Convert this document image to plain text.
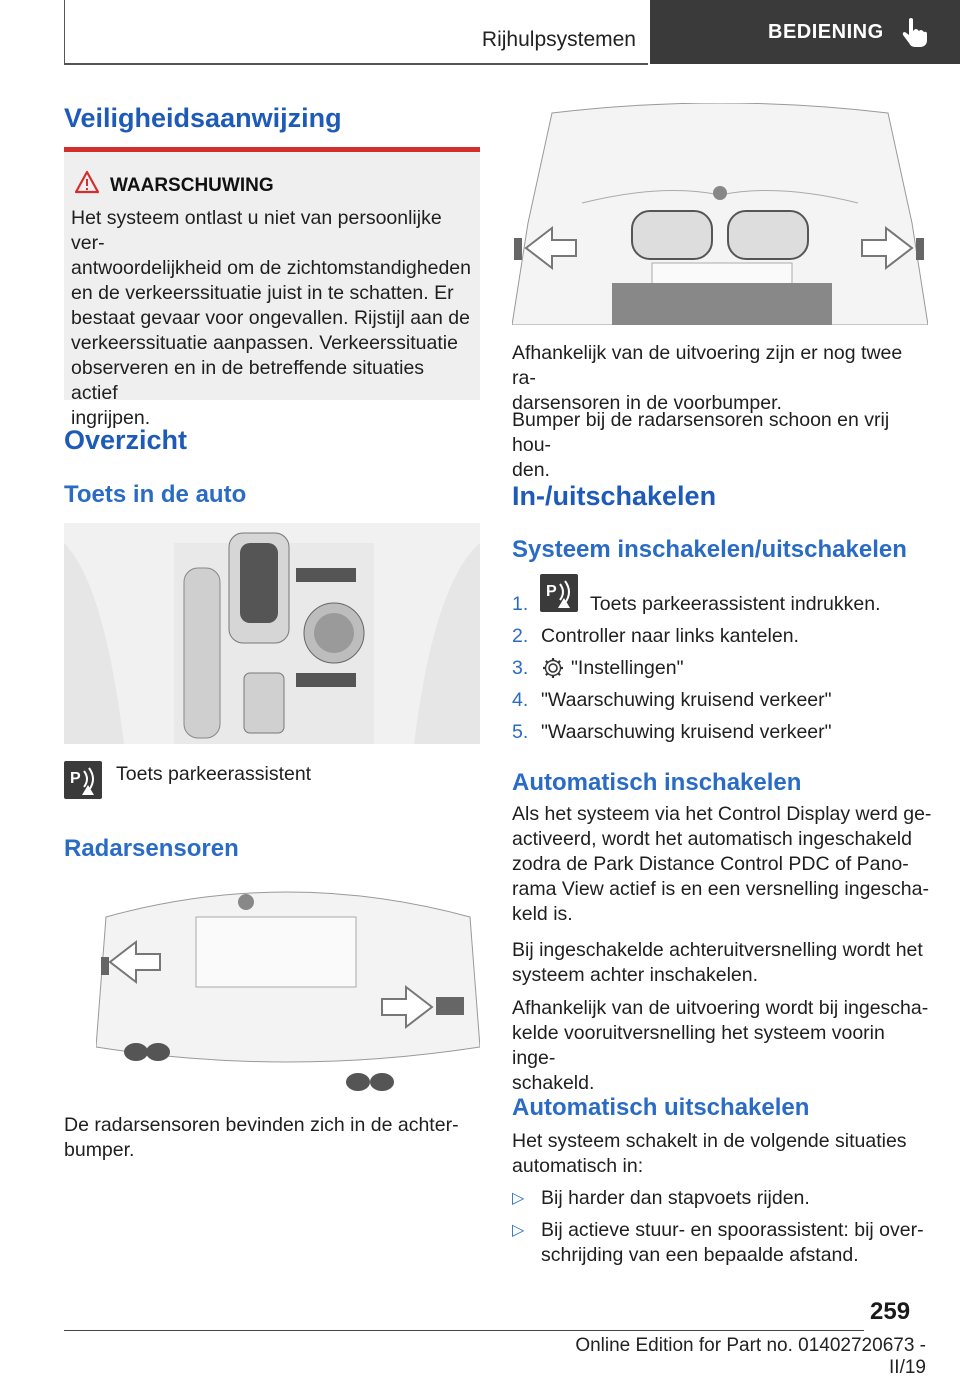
Rijhulpsystemen	BEDIENING
Veiligheidsaanwijzing
WAARSCHUWING
Het systeem ontlast u niet van persoonlijke ver-
antwoordelijkheid om de zichtomstandigheden
en de verkeerssituatie juist in te schatten. Er
bestaat gevaar voor ongevallen. Rijstijl aan de
verkeerssituatie aanpassen. Verkeerssituatie
observeren en in de betreffende situaties actief
ingrijpen.
Overzicht
Toets in de auto
P Toets parkeerassistent
Radarsensoren
De radarsensoren bevinden zich in de achter-
bumper.
Afhankelijk van de uitvoering zijn er nog twee ra-
darsensoren in de voorbumper.
Bumper bij de radarsensoren schoon en vrij hou-
den.
In-/uitschakelen
Systeem inschakelen/uitschakelen
1.
P
Toets parkeerassistent indrukken.
2. Controller naar links kantelen.
3. "Instellingen"
4. "Waarschuwing kruisend verkeer"
5. "Waarschuwing kruisend verkeer"
Automatisch inschakelen
Als het systeem via het Control Display werd ge-
activeerd, wordt het automatisch ingeschakeld
zodra de Park Distance Control PDC of Pano-
rama View actief is en een versnelling ingescha-
keld is.
Bij ingeschakelde achteruitversnelling wordt het
systeem achter inschakelen.
Afhankelijk van de uitvoering wordt bij ingescha-
kelde vooruitversnelling het systeem voorin inge-
schakeld.
Automatisch uitschakelen
Het systeem schakelt in de volgende situaties
automatisch in:
▷ Bij harder dan stapvoets rijden.
▷ Bij actieve stuur- en spoorassistent: bij over-
schrijding van een bepaalde afstand.
259
Online Edition for Part no. 01402720673 - II/19
